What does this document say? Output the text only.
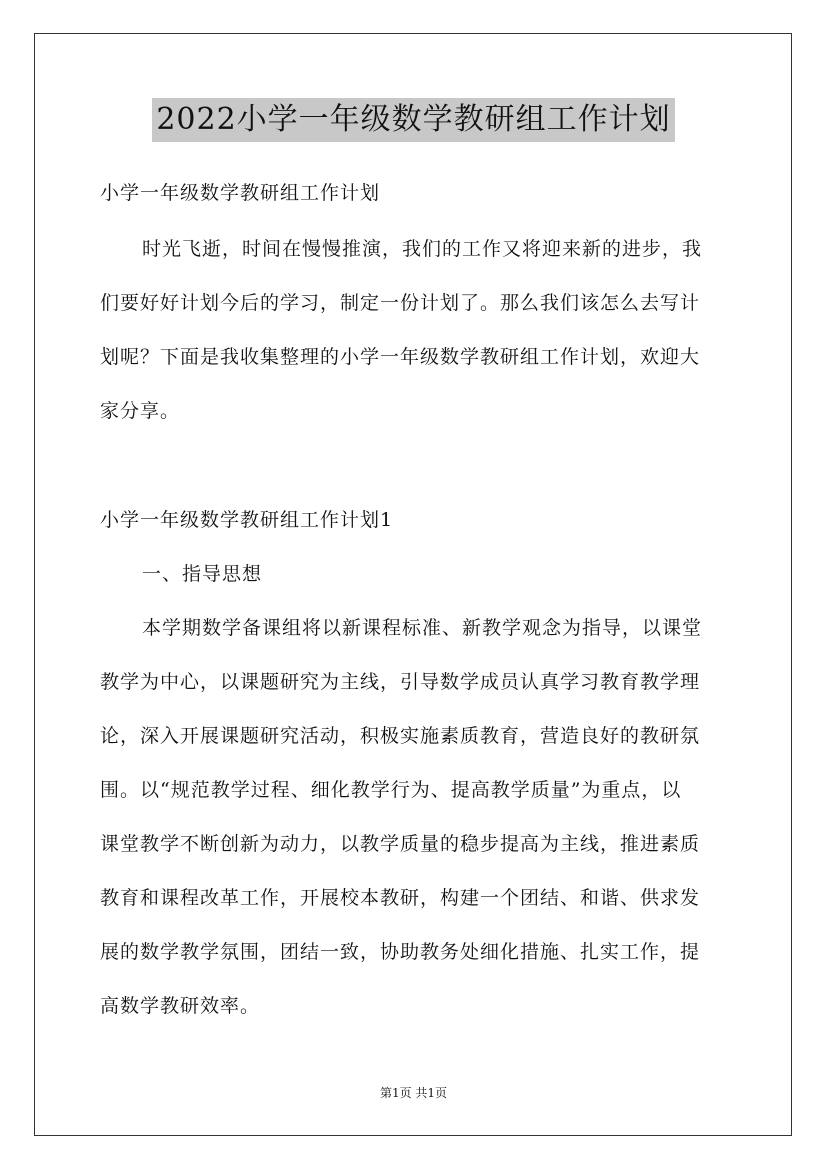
2022小学一年级数学教研组工作计划
小学一年级数学教研组工作计划
时光飞逝，时间在慢慢推演，我们的工作又将迎来新的进步，我
们要好好计划今后的学习，制定一份计划了。那么我们该怎么去写计
划呢？下面是我收集整理的小学一年级数学教研组工作计划，欢迎大
家分享。
小学一年级数学教研组工作计划1
一、指导思想
本学期数学备课组将以新课程标准、新教学观念为指导，以课堂
教学为中心，以课题研究为主线，引导数学成员认真学习教育教学理
论，深入开展课题研究活动，积极实施素质教育，营造良好的教研氛
围。以“规范教学过程、细化教学行为、提高教学质量”为重点，以
课堂教学不断创新为动力，以教学质量的稳步提高为主线，推进素质
教育和课程改革工作，开展校本教研，构建一个团结、和谐、供求发
展的数学教学氛围，团结一致，协助教务处细化措施、扎实工作，提
高数学教研效率。
第1页 共1页
